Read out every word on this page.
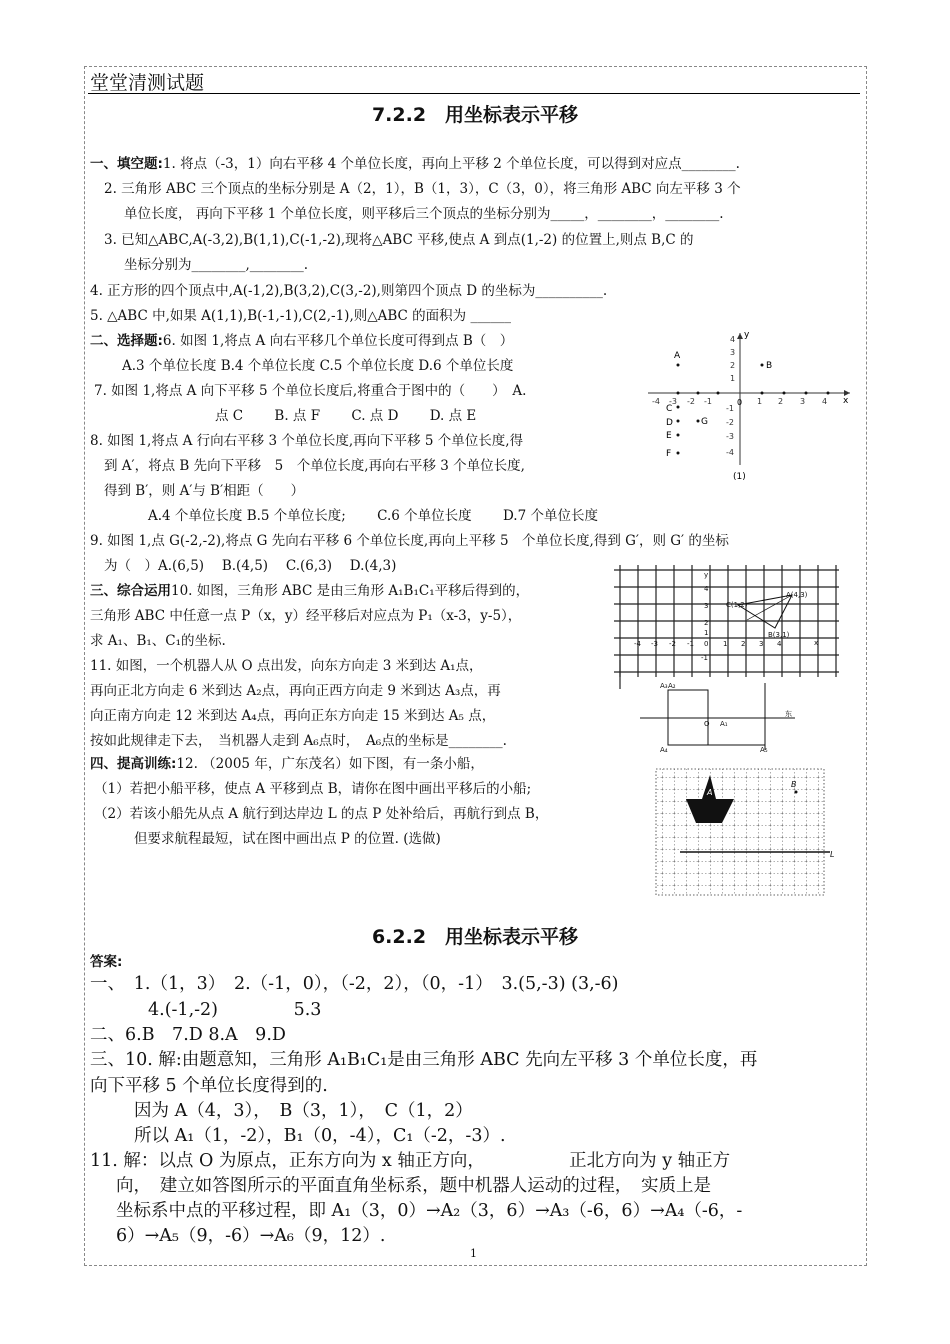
堂堂清测试题
7.2.2　用坐标表示平移
一、填空题:1. 将点（-3，1）向右平移 4 个单位长度，再向上平移 2 个单位长度，可以得到对应点________.
2. 三角形 ABC 三个顶点的坐标分别是 A（2，1），B（1，3），C（3，0），将三角形 ABC 向左平移 3 个
单位长度， 再向下平移 1 个单位长度，则平移后三个顶点的坐标分别为_____，________，________.
3. 已知△ABC,A(-3,2),B(1,1),C(-1,-2),现将△ABC 平移,使点 A 到点(1,-2) 的位置上,则点 B,C 的
坐标分别为________,________.
4. 正方形的四个顶点中,A(-1,2),B(3,2),C(3,-2),则第四个顶点 D 的坐标为__________.
5. △ABC 中,如果 A(1,1),B(-1,-1),C(2,-1),则△ABC 的面积为 ______
二、选择题:6. 如图 1,将点 A 向右平移几个单位长度可得到点 B（　）
A.3 个单位长度 B.4 个单位长度 C.5 个单位长度 D.6 个单位长度
7. 如图 1,将点 A 向下平移 5 个单位长度后,将重合于图中的（　　）　A.
点 C　　 B. 点 F　　 C. 点 D　　 D. 点 E
8. 如图 1,将点 A 行向右平移 3 个单位长度,再向下平移 5 个单位长度,得
到 A′，将点 B 先向下平移　5　个单位长度,再向右平移 3 个单位长度,
得到 B′，则 A′与 B′相距（　　）
A.4 个单位长度 B.5 个单位长度;　　 C.6 个单位长度　　 D.7 个单位长度
9. 如图 1,点 G(-2,-2),将点 G 先向右平移 6 个单位长度,再向上平移 5　个单位长度,得到 G′，则 G′ 的坐标
为（　）A.(6,5)　 B.(4,5)　 C.(6,3)　 D.(4,3)
三、综合运用10. 如图，三角形 ABC 是由三角形 A₁B₁C₁平移后得到的，
三角形 ABC 中任意一点 P（x，y）经平移后对应点为 P₁（x-3，y-5），
求 A₁、B₁、C₁的坐标.
11. 如图，一个机器人从 O 点出发，向东方向走 3 米到达 A₁点，
再向正北方向走 6 米到达 A₂点，再向正西方向走 9 米到达 A₃点，再
向正南方向走 12 米到达 A₄点，再向正东方向走 15 米到达 A₅ 点，
按如此规律走下去，　当机器人走到 A₆点时，　A₆点的坐标是________.
四、提高训练:12. （2005 年，广东茂名）如下图，有一条小船，
（1）若把小船平移，使点 A 平移到点 B，请你在图中画出平移后的小船;
（2）若该小船先从点 A 航行到达岸边 L 的点 P 处补给后，再航行到点 B，
但要求航程最短，试在图中画出点 P 的位置. (选做)
x
y
0
-4 -3 -2 -1	1 2 3 4
4
3
2
1
-1
-2
-3
-4
A
B
C
D
E
F
G
(1)
C(1,2)
A(4,3)
B(3,1)
x
y
-4 -3 -2 -1 0 1 2 3 4
4
3
2
1
-1
A₂
A₁
A₃
A₄	A₅
O
东
A
B
L
6.2.2　用坐标表示平移
答案:
一、　1.（1，3）　2.（-1，0），（-2，2），（0，-1）　3.(5,-3) (3,-6)
4.(-1,-2)　　　　 5.3
二、6.B　7.D 8.A　9.D
三、10. 解:由题意知，三角形 A₁B₁C₁是由三角形 ABC 先向左平移 3 个单位长度，再
向下平移 5 个单位长度得到的.
因为 A（4，3），　B（3，1），　C（1，2）
所以 A₁（1，-2），B₁（0，-4），C₁（-2，-3）.
11. 解：以点 O 为原点，正东方向为 x 轴正方向，　　　　　 正北方向为 y 轴正方
向，　建立如答图所示的平面直角坐标系，题中机器人运动的过程，　实质上是
坐标系中点的平移过程，即 A₁（3，0）→A₂（3，6）→A₃（-6，6）→A₄（-6，-
6）→A₅（9，-6）→A₆（9，12）.
1
